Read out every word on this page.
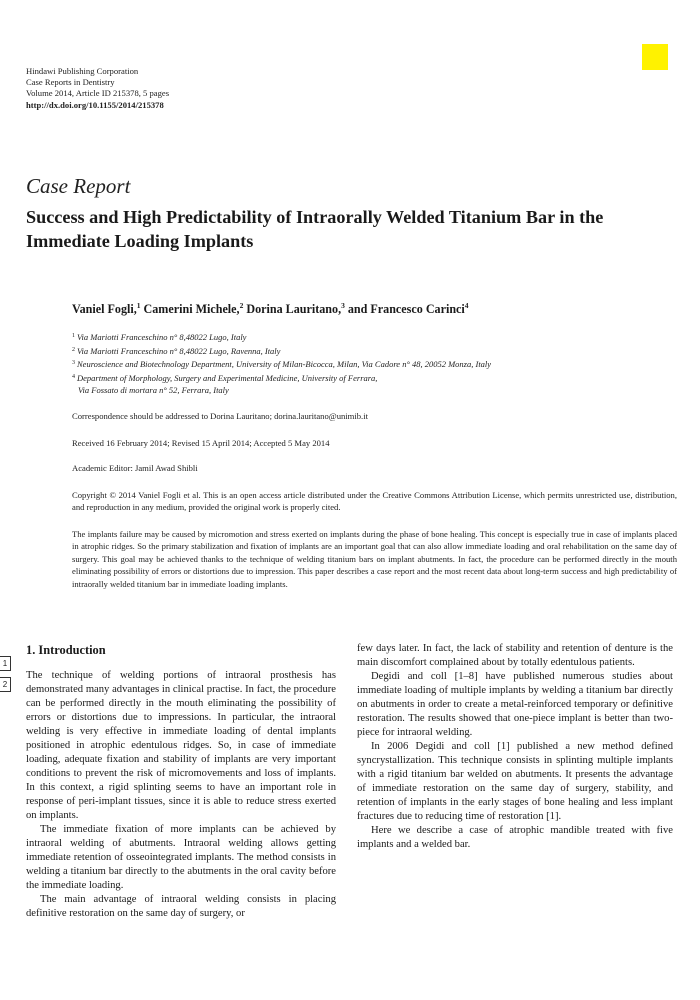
Hindawi Publishing Corporation
Case Reports in Dentistry
Volume 2014, Article ID 215378, 5 pages
http://dx.doi.org/10.1155/2014/215378
Case Report
Success and High Predictability of Intraorally Welded Titanium Bar in the Immediate Loading Implants
Vaniel Fogli,$^1$ Camerini Michele,$^2$ Dorina Lauritano,$^3$ and Francesco Carinci$^4$
$^1$ Via Mariotti Franceschino n° 8,48022 Lugo, Italy
$^2$ Via Mariotti Franceschino n° 8,48022 Lugo, Ravenna, Italy
$^3$ Neuroscience and Biotechnology Department, University of Milan-Bicocca, Milan, Via Cadore n° 48, 20052 Monza, Italy
$^4$ Department of Morphology, Surgery and Experimental Medicine, University of Ferrara,
Via Fossato di mortara n° 52, Ferrara, Italy
Correspondence should be addressed to Dorina Lauritano; dorina.lauritano@unimib.it
Received 16 February 2014; Revised 15 April 2014; Accepted 5 May 2014
Academic Editor: Jamil Awad Shibli
Copyright © 2014 Vaniel Fogli et al. This is an open access article distributed under the Creative Commons Attribution License, which permits unrestricted use, distribution, and reproduction in any medium, provided the original work is properly cited.
The implants failure may be caused by micromotion and stress exerted on implants during the phase of bone healing. This concept is especially true in case of implants placed in atrophic ridges. So the primary stabilization and fixation of implants are an important goal that can also allow immediate loading and oral rehabilitation on the same day of surgery. This goal may be achieved thanks to the technique of welding titanium bars on implant abutments. In fact, the procedure can be performed directly in the mouth eliminating possibility of errors or distortions due to impression. This paper describes a case report and the most recent data about long-term success and high predictability of intraorally welded titanium bar in immediate loading implants.
1
2
1. Introduction

The technique of welding portions of intraoral prosthesis has demonstrated many advantages in clinical practise. In fact, the procedure can be performed directly in the mouth eliminating the possibility of errors or distortions due to impressions. In particular, the intraoral welding is very effective in immediate loading of dental implants positioned in atrophic edentulous ridges. So, in case of immediate loading, adequate fixation and stability of implants are very important conditions to prevent the risk of micromovements and loss of implants. In this context, a rigid splinting seems to have an important role in response of peri-implant tissues, since it is able to reduce stress exerted on implants.

The immediate fixation of more implants can be achieved by intraoral welding of abutments. Intraoral welding allows getting immediate retention of osseointegrated implants. The method consists in welding a titanium bar directly to the abutments in the oral cavity before the immediate loading.

The main advantage of intraoral welding consists in placing definitive restoration on the same day of surgery, or

few days later. In fact, the lack of stability and retention of denture is the main discomfort complained about by totally edentulous patients.

Degidi and coll [1–8] have published numerous studies about immediate loading of multiple implants by welding a titanium bar directly on abutments in order to create a metal-reinforced temporary or definitive restoration. The results showed that one-piece implant is better than two-piece for intraoral welding.

In 2006 Degidi and coll [1] published a new method defined syncrystallization. This technique consists in splinting multiple implants with a rigid titanium bar welded on abutments. It presents the advantage of immediate restoration on the same day of surgery, stability, and retention of implants in the early stages of bone healing and less implant fractures due to reducing time of restoration [1].

Here we describe a case of atrophic mandible treated with five implants and a welded bar.
